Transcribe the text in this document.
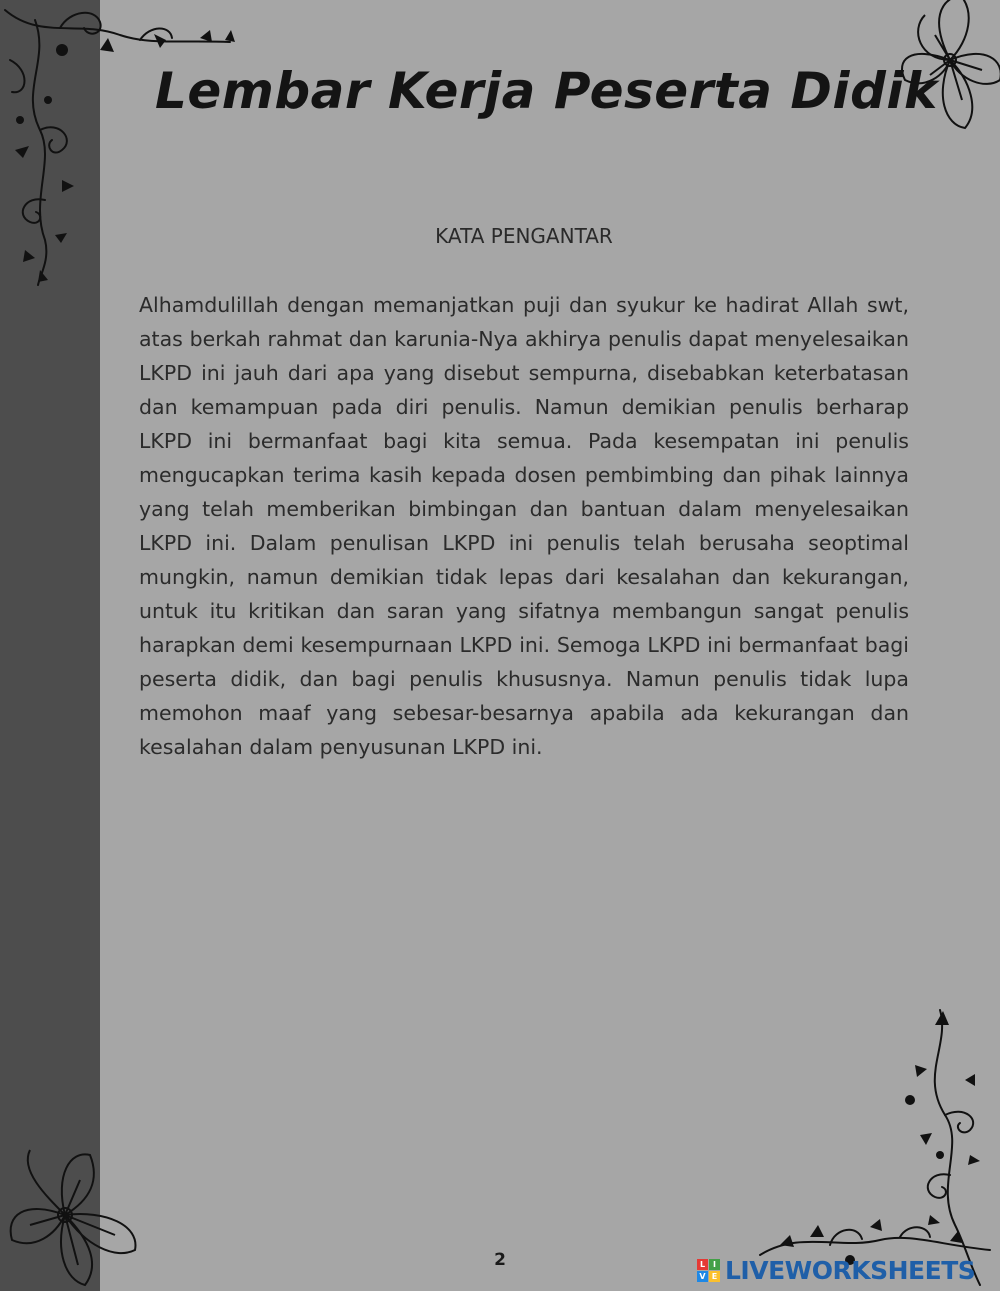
Lembar Kerja Peserta Didik
KATA PENGANTAR

Alhamdulillah dengan memanjatkan puji dan syukur ke hadirat Allah swt, atas berkah rahmat dan karunia-Nya akhirya penulis dapat menyelesaikan LKPD ini jauh dari apa yang disebut sempurna, disebabkan keterbatasan dan kemampuan pada diri penulis. Namun demikian penulis berharap LKPD ini bermanfaat bagi kita semua. Pada kesempatan ini penulis mengucapkan terima kasih kepada dosen pembimbing dan pihak lainnya yang telah memberikan bimbingan dan bantuan dalam menyelesaikan LKPD ini. Dalam penulisan LKPD ini penulis telah berusaha seoptimal mungkin, namun demikian tidak lepas dari kesalahan dan kekurangan, untuk itu kritikan dan saran yang sifatnya membangun sangat penulis harapkan demi kesempurnaan LKPD ini. Semoga LKPD ini bermanfaat bagi peserta didik, dan bagi penulis khususnya. Namun penulis tidak lupa memohon maaf yang sebesar-besarnya apabila ada kekurangan dan kesalahan dalam penyusunan LKPD ini.

2	L I
V E LIVEWORKSHEETS
